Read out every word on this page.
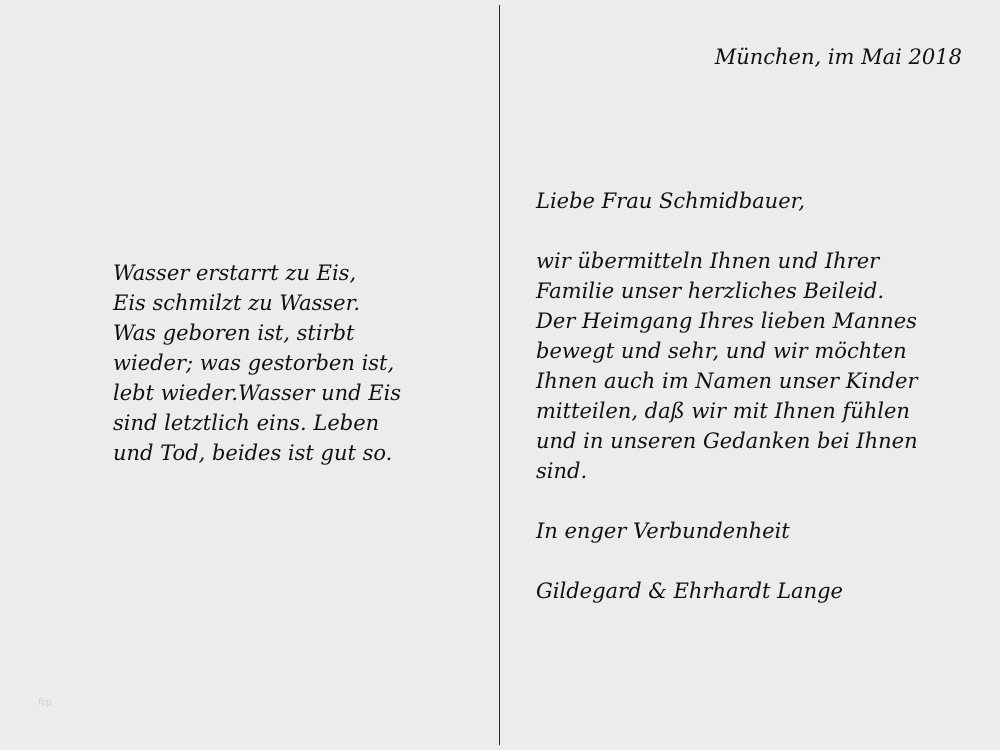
Wasser erstarrt zu Eis,
Eis schmilzt zu Wasser.
Was geboren ist, stirbt
wieder; was gestorben ist,
lebt wieder.Wasser und Eis
sind letztlich eins. Leben
und Tod, beides ist gut so.
München, im Mai 2018
Liebe Frau Schmidbauer,
wir übermitteln Ihnen und Ihrer
Familie unser herzliches Beileid.
Der Heimgang Ihres lieben Mannes
bewegt und sehr, und wir möchten
Ihnen auch im Namen unser Kinder
mitteilen, daß wir mit Ihnen fühlen
und in unseren Gedanken bei Ihnen
sind.
In enger Verbundenheit
Gildegard & Ehrhardt Lange
fcp
